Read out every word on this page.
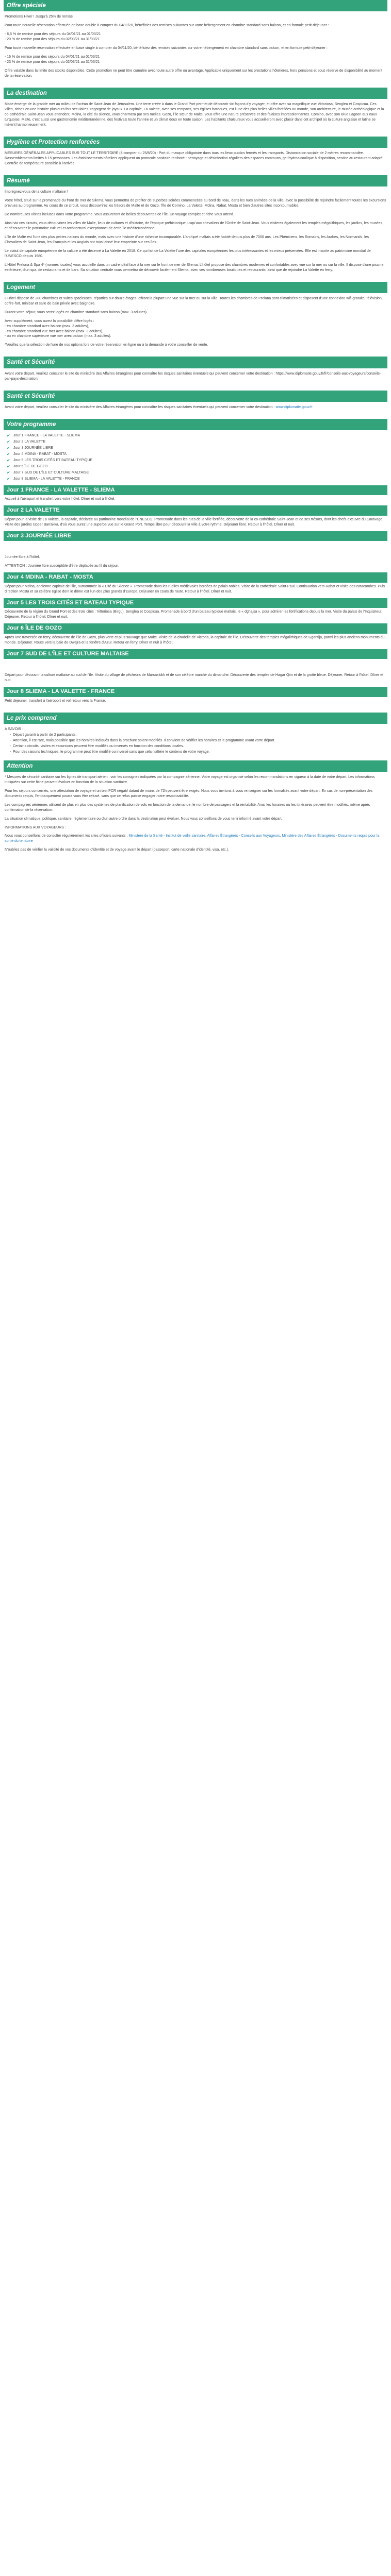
Offre spéciale

Promotions Hiver ! Jusqu'à 25% de remise

Pour toute nouvelle réservation effectuée en base double à compter du 04/11/20, bénéficiez des remises suivantes sur votre hébergement en chambre standard sans balcon, et en formule petit-déjeuner :

- 6,5 % de remise pour des séjours du 04/01/21 au 01/03/21

- 20 % de remise pour des séjours du 02/03/21 au 31/03/21

Pour toute nouvelle réservation effectuée en base single à compter du 04/11/20, bénéficiez des remises suivantes sur votre hébergement en chambre standard sans balcon, et en formule petit-déjeuner :

- 16 % de remise pour des séjours du 04/01/21 au 01/03/21

- 23 % de remise pour des séjours du 02/03/21 au 31/03/21

Offre valable dans la limite des stocks disponibles. Cette promotion ne peut être cumulée avec toute autre offre ou avantage. Applicable uniquement sur les prestations hôtelières, hors pensions et sous réserve de disponibilité au moment de la réservation.

La destination

Malte émerge de la grande mer au milieu de l'océan de Saint-Jean de Jérusalem. Une terre créée à dans le Grand Port permet de découvrir six façons d'y voyager, et offre avec sa magnifique vue Vittoriosa, Senglea et Cospicua. Ces villes, riches en une histoire plusieurs fois séculaires, regorgent de joyaux. La capitale, La Valette, avec ses remparts, ses églises baroques, est l'une des plus belles villes fortifiées au monde, son architecture, le musée archéologique et la co-cathédrale Saint-Jean vous attendent. Mdina, la cité du silence, vous charmera par ses ruelles. Gozo, l'île sœur de Malte, vous offre une nature préservée et des falaises impressionnantes. Comino, avec son Blue Lagoon aux eaux turquoise. Malte, c'est aussi une gastronomie méditerranéenne, des festivals toute l'année et un climat doux en toute saison. Les habitants chaleureux vous accueilleront avec plaisir dans cet archipel où la culture anglaise et latine se mêlent harmonieusement.

Hygiène et Protection renforcées

MESURES GÉNÉRALES APPLICABLES SUR TOUT LE TERRITOIRE (à compter du 25/8/20) : Port du masque obligatoire dans tous les lieux publics fermés et les transports. Distanciation sociale de 2 mètres recommandée. Rassemblements limités à 15 personnes. Les établissements hôteliers appliquent un protocole sanitaire renforcé : nettoyage et désinfection réguliers des espaces communs, gel hydroalcoolique à disposition, service au restaurant adapté. Contrôle de température possible à l'arrivée.

Résumé

Imprégnez-vous de la culture maltaise !

Votre hôtel, situé sur la promenade du front de mer de Sliema, vous permettra de profiter de superbes soirées commencées au bord de l'eau, dans les rues animées de la ville, avec la possibilité de rejoindre facilement toutes les excursions prévues au programme. Au cours de ce circuit, vous découvrirez les trésors de Malte et de Gozo, l'île de Comino, La Valette, Mdina, Rabat, Mosta et bien d'autres sites incontournables.

De nombreuses visites incluses dans votre programme, vous assureront de belles découvertes de l'île. Un voyage complet et riche vous attend.

Ainsi via ces circuits, vous découvrirez les villes de Malte, lieux de cultures et d'histoire, de l'époque préhistorique jusqu'aux chevaliers de l'Ordre de Saint-Jean. Vous visiterez également les temples mégalithiques, les jardins, les musées, et découvrirez le patrimoine culturel et architectural exceptionnel de cette île méditerranéenne.

L'île de Malte est l'une des plus petites nations du monde, mais avec une histoire d'une richesse incomparable. L'archipel maltais a été habité depuis plus de 7000 ans. Les Phéniciens, les Romains, les Arabes, les Normands, les Chevaliers de Saint-Jean, les Français et les Anglais ont tous laissé leur empreinte sur ces îles.

Le statut de capitale européenne de la culture a été décerné à La Valette en 2018. Ce qui fait de La Valette l'une des capitales européennes les plus intéressantes et les mieux préservées. Elle est inscrite au patrimoine mondial de l'UNESCO depuis 1980.

L'Hôtel Preluna & Spa 4* (normes locales) vous accueille dans un cadre idéal face à la mer sur le front de mer de Sliema. L'hôtel propose des chambres modernes et confortables avec vue sur la mer ou sur la ville. Il dispose d'une piscine extérieure, d'un spa, de restaurants et de bars. Sa situation centrale vous permettra de découvrir facilement Sliema, avec ses nombreuses boutiques et restaurants, ainsi que de rejoindre La Valette en ferry.

Logement

L'Hôtel dispose de 280 chambres et suites spacieuses, réparties sur douze étages, offrant la plupart une vue sur la mer ou sur la ville. Toutes les chambres de Preluna sont climatisées et disposent d'une connexion wifi gratuite, télévision, coffre-fort, minibar et salle de bain privée avec baignoire.

Durant votre séjour, vous serez logés en chambre standard sans balcon (max. 3 adultes).

Avec supplément, vous aurez la possibilité d'être logés :
- en chambre standard avec balcon (max. 3 adultes),
- en chambre standard vue mer avec balcon (max. 3 adultes),

- ou en chambre supérieure vue mer avec balcon (max. 3 adultes).

*Veuillez que la sélection de l'une de nos options lors de votre réservation en ligne ou à la demande à votre conseiller de vente.

Santé et Sécurité

Avant votre départ, veuillez consulter le site du ministère des Affaires étrangères pour connaître les risques sanitaires éventuels qui peuvent concerner votre destination : https://www.diplomatie.gouv.fr/fr/conseils-aux-voyageurs/conseils-par-pays-destination/

Santé et Sécurité

Avant votre départ, veuillez consulter le site du ministère des Affaires étrangères pour connaître les risques sanitaires éventuels qui peuvent concerner votre destination : www.diplomatie.gouv.fr

Votre programme
✔ Jour 1 FRANCE - LA VALETTE - SLIEMA
✔ Jour 2 LA VALETTE
✔ Jour 3 JOURNÉE LIBRE
✔ Jour 4 MDINA - RABAT - MOSTA
✔ Jour 5 LES TROIS CITÉS ET BATEAU TYPIQUE
✔ Jour 6 ÎLE DE GOZO
✔ Jour 7 SUD DE L'ÎLE ET CULTURE MALTAISE
✔ Jour 8 SLIEMA - LA VALETTE - FRANCE
Jour 1 FRANCE - LA VALETTE - SLIEMA

Accueil à l'aéroport et transfert vers votre hôtel. Dîner et nuit à l'hôtel.

Jour 2 LA VALETTE

Départ pour la visite de La Valette, la capitale, déclarée au patrimoine mondial de l'UNESCO. Promenade dans les rues de la ville fortifiée, découverte de la co-cathédrale Saint-Jean et de ses trésors, dont les chefs-d'œuvre du Caravage. Visite des jardins Upper Barrakka, d'où vous aurez une superbe vue sur le Grand Port. Temps libre pour découvrir la ville à votre rythme. Déjeuner libre. Retour à l'hôtel. Dîner et nuit.

Jour 3 JOURNÉE LIBRE

Journée libre à l'hôtel.

ATTENTION : Journée libre susceptible d'être déplacée au fil du séjour.

Jour 4 MDINA - RABAT - MOSTA

Départ pour Mdina, ancienne capitale de l'île, surnommée la « Cité du Silence ». Promenade dans les ruelles médiévales bordées de palais nobles. Visite de la cathédrale Saint-Paul. Continuation vers Rabat et visite des catacombes. Puis direction Mosta et sa célèbre église dont le dôme est l'un des plus grands d'Europe. Déjeuner en cours de route. Retour à l'hôtel. Dîner et nuit.

Jour 5 LES TROIS CITÉS ET BATEAU TYPIQUE

Découverte de la région du Grand Port et des trois cités : Vittoriosa (Birgu), Senglea et Cospicua. Promenade à bord d'un bateau typique maltais, le « dghajsa », pour admirer les fortifications depuis la mer. Visite du palais de l'Inquisiteur. Déjeuner. Retour à l'hôtel. Dîner et nuit.

Jour 6 ÎLE DE GOZO

Après une traversée en ferry, découverte de l'île de Gozo, plus verte et plus sauvage que Malte. Visite de la citadelle de Victoria, la capitale de l'île. Découverte des temples mégalithiques de Ggantija, parmi les plus anciens monuments du monde. Déjeuner. Route vers la baie de Dwejra et la fenêtre d'Azur. Retour en ferry. Dîner et nuit à l'hôtel.

Jour 7 SUD DE L'ÎLE ET CULTURE MALTAISE

Départ pour découvrir la culture maltaise au sud de l'île. Visite du village de pêcheurs de Marsaxlokk et de son célèbre marché du dimanche. Découverte des temples de Hagar Qim et de la grotte bleue. Déjeuner. Retour à l'hôtel. Dîner et nuit.

Jour 8 SLIEMA - LA VALETTE - FRANCE

Petit déjeuner, transfert à l'aéroport et vol retour vers la France.

Le prix comprend
A SAVOIR :
- Départ garanti à partir de 2 participants.
- Attention, il est rare, mais possible que les horaires indiqués dans la brochure soient modifiés. Il convient de vérifier les horaires et le programme avant votre départ.
- Certains circuits, visites et excursions peuvent être modifiés ou inversés en fonction des conditions locales.
- Pour des raisons techniques, le programme peut être modifié ou inversé sans que cela n'altère le contenu de votre voyage.
Attention

* Mesures de sécurité sanitaire sur les lignes de transport aérien : voir les consignes indiquées par la compagnie aérienne. Votre voyage est organisé selon les recommandations en vigueur à la date de votre départ. Les informations indiquées sur cette fiche peuvent évoluer en fonction de la situation sanitaire.

Pour les séjours concernés, une attestation de voyage et un test PCR négatif datant de moins de 72h peuvent être exigés. Nous vous invitons à vous renseigner sur les formalités avant votre départ. En cas de non-présentation des documents requis, l'embarquement pourra vous être refusé, sans que ce refus puisse engager notre responsabilité.

Les compagnies aériennes utilisent de plus en plus des systèmes de planification de vols en fonction de la demande, le nombre de passagers et la rentabilité. Ainsi les horaires ou les itinéraires peuvent être modifiés, même après confirmation de la réservation.

La situation climatique, politique, sanitaire, réglementaire ou d'un autre ordre dans la destination peut évoluer. Nous vous conseillons de vous tenir informé avant votre départ.

INFORMATIONS AUX VOYAGEURS :

Nous vous conseillons de consulter régulièrement les sites officiels suivants : Ministère de la Santé - Institut de veille sanitaire, Affaires Étrangères - Conseils aux Voyageurs, Ministère des Affaires Étrangères - Documents requis pour la sortie du territoire

N'oubliez pas de vérifier la validité de vos documents d'identité et de voyage avant le départ (passeport, carte nationale d'identité, visa, etc.).
